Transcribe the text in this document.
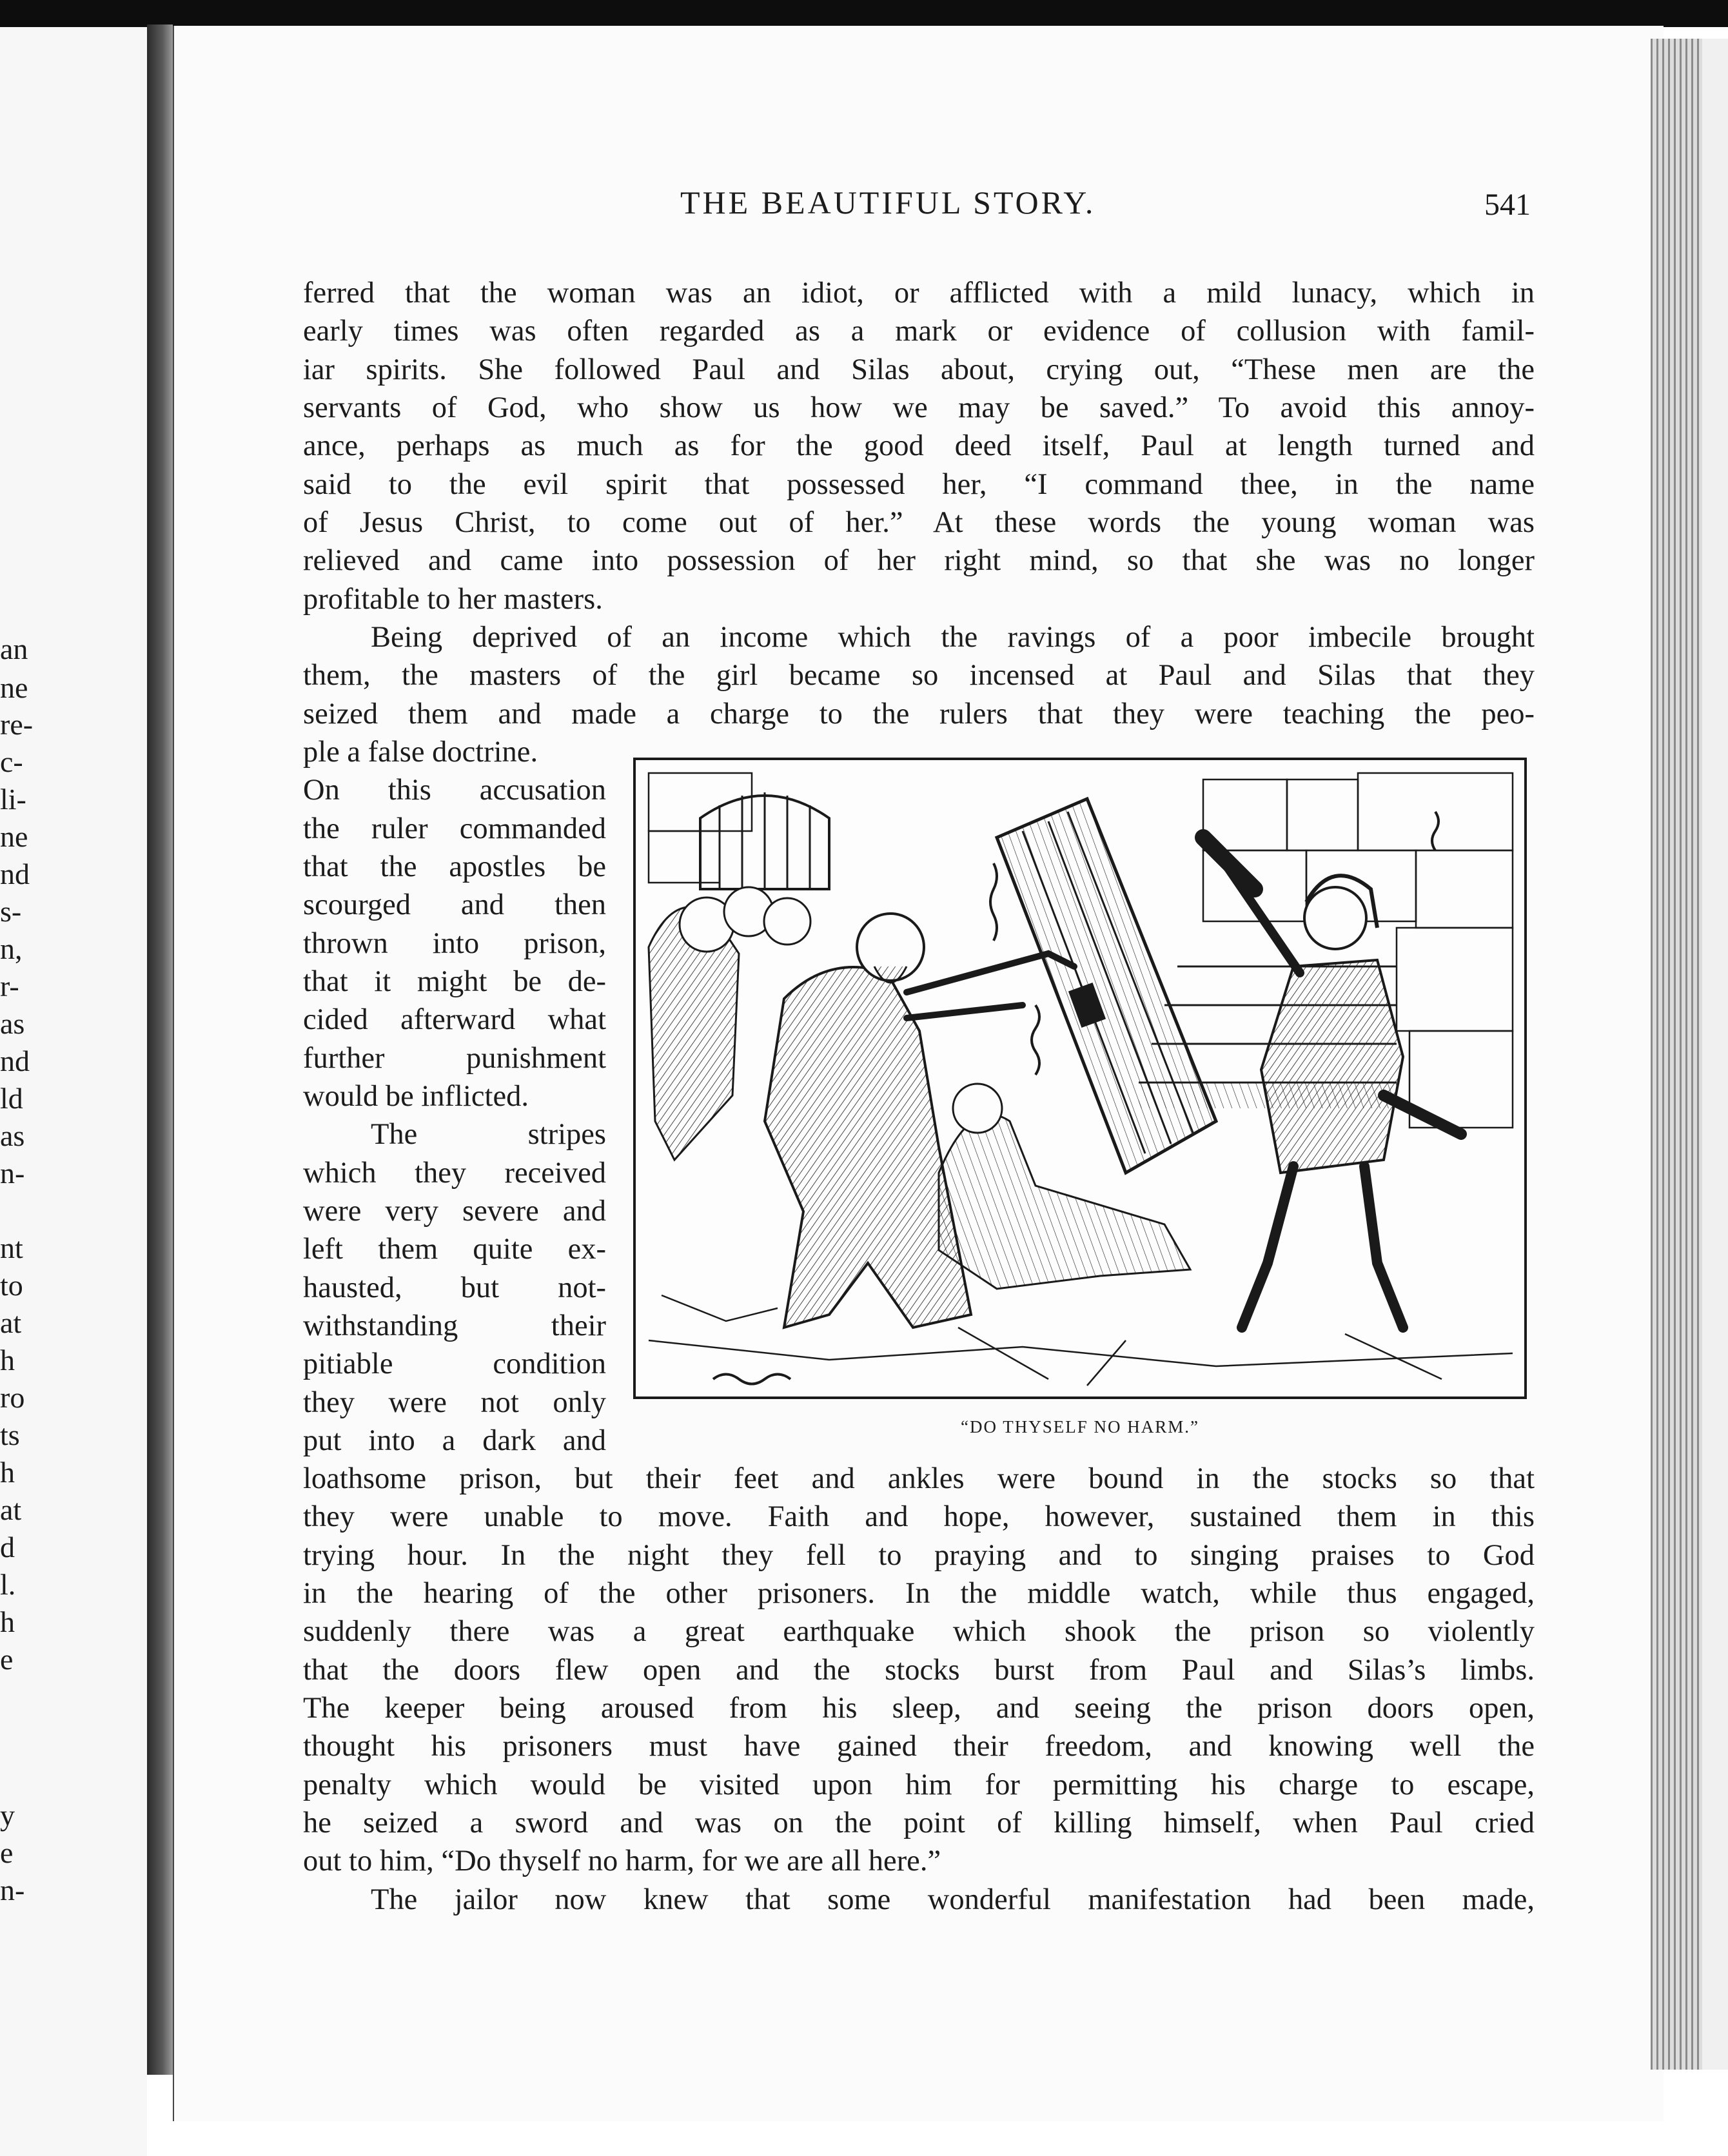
an
ne
re-
c-
li-
ne
nd
s-
n,
r-
as
nd
ld
as
n-
nt
to
at
h
ro
ts
h
at
d
l.
h
e
y
e
n-
THE BEAUTIFUL STORY.	541
ferred that the woman was an idiot, or afflicted with a mild lunacy, which in
early times was often regarded as a mark or evidence of collusion with famil-
iar spirits. She followed Paul and Silas about, crying out, “These men are the
servants of God, who show us how we may be saved.” To avoid this annoy-
ance, perhaps as much as for the good deed itself, Paul at length turned and
said to the evil spirit that possessed her, “I command thee, in the name
of Jesus Christ, to come out of her.” At these words the young woman was
relieved and came into possession of her right mind, so that she was no longer
profitable to her masters.
Being deprived of an income which the ravings of a poor imbecile brought
them, the masters of the girl became so incensed at Paul and Silas that they
seized them and made a charge to the rulers that they were teaching the peo-
ple a false doctrine.
On this accusation
the ruler commanded
that the apostles be
scourged and then
thrown into prison,
that it might be de-
cided afterward what
further punishment
would be inflicted.
The stripes
which they received
were very severe and
left them quite ex-
hausted, but not-
withstanding their
pitiable condition
they were not only
put into a dark and	“DO THYSELF NO HARM.”
loathsome prison, but their feet and ankles were bound in the stocks so that
they were unable to move. Faith and hope, however, sustained them in this
trying hour. In the night they fell to praying and to singing praises to God
in the hearing of the other prisoners. In the middle watch, while thus engaged,
suddenly there was a great earthquake which shook the prison so violently
that the doors flew open and the stocks burst from Paul and Silas’s limbs.
The keeper being aroused from his sleep, and seeing the prison doors open,
thought his prisoners must have gained their freedom, and knowing well the
penalty which would be visited upon him for permitting his charge to escape,
he seized a sword and was on the point of killing himself, when Paul cried
out to him, “Do thyself no harm, for we are all here.”
The jailor now knew that some wonderful manifestation had been made,
